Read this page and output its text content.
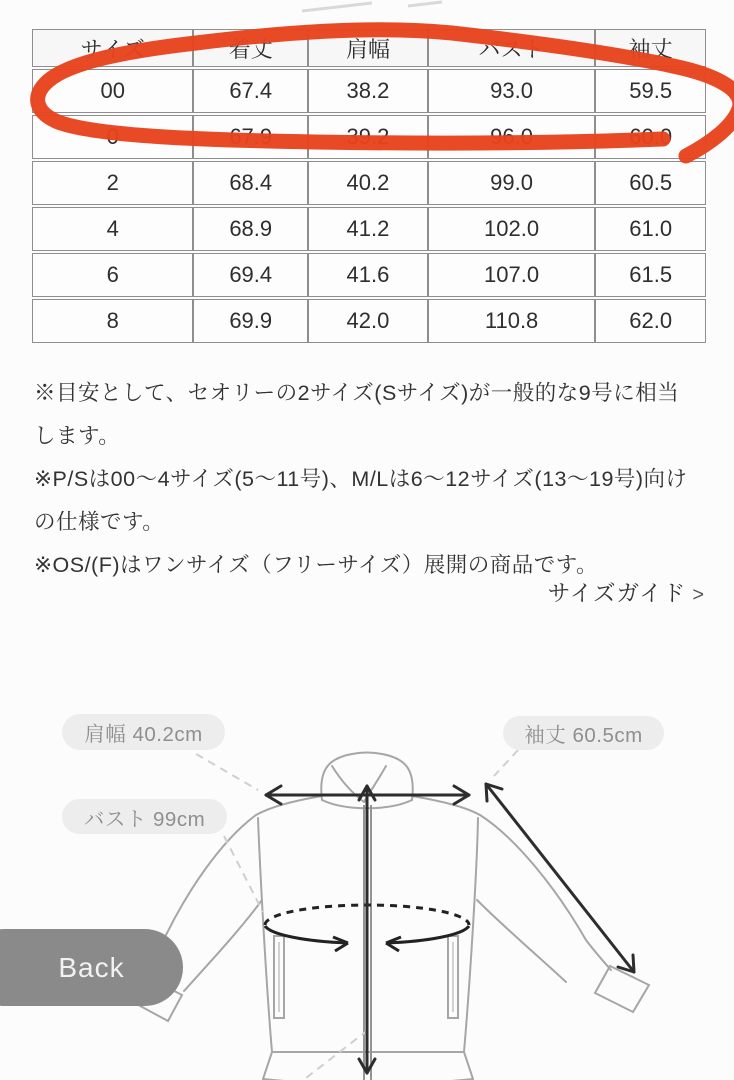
サイズ	着丈	肩幅	バスト	袖丈
00	67.4	38.2	93.0	59.5
0	67.9	39.2	96.0	60.0
2	68.4	40.2	99.0	60.5
4	68.9	41.2	102.0	61.0
6	69.4	41.6	107.0	61.5
8	69.9	42.0	110.8	62.0
※目安として、セオリーの2サイズ(Sサイズ)が一般的な9号に相当
します。
※P/Sは00〜4サイズ(5〜11号)、M/Lは6〜12サイズ(13〜19号)向け
の仕様です。
※OS/(F)はワンサイズ（フリーサイズ）展開の商品です。
サイズガイド >
肩幅 40.2cm	袖丈 60.5cm
バスト 99cm
Back
